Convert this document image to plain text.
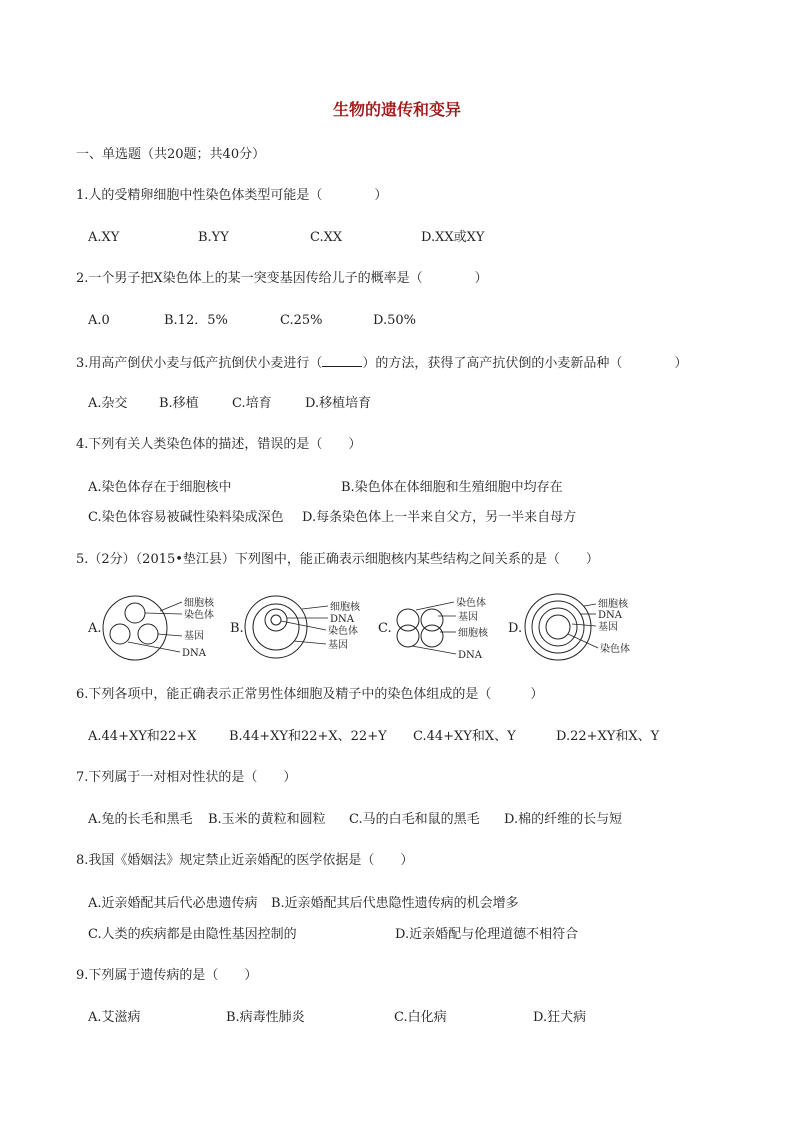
生物的遗传和变异
一、单选题（共20题；共40分）
1.人的受精卵细胞中性染色体类型可能是（　　　　）
A.XY	B.YY	C.XX	D.XX或XY
2.一个男子把X染色体上的某一突变基因传给儿子的概率是（　　　　）
A.0	B.12．5%	C.25%	D.50%
3.用高产倒伏小麦与低产抗倒伏小麦进行（	）的方法，获得了高产抗伏倒的小麦新品种（　　　　）
A.杂交 B.移植	C.培育	D.移植培育
4.下列有关人类染色体的描述，错误的是（　　）
A.染色体存在于细胞核中	B.染色体在体细胞和生殖细胞中均存在
C.染色体容易被碱性染料染成深色 D.每条染色体上一半来自父方，另一半来自母方
5.（2分）（2015•垫江县）下列图中，能正确表示细胞核内某些结构之间关系的是（　　）
A.
细胞核
染色体
基因
DNA
B.
细胞核
DNA
染色体
基因
C.
染色体
基因
细胞核
DNA
D.
细胞核
DNA
基因
染色体
6.下列各项中，能正确表示正常男性体细胞及精子中的染色体组成的是（　　　）
A.44+XY和22+X	B.44+XY和22+X、22+Y C.44+XY和X、Y	D.22+XY和X、Y
7.下列属于一对相对性状的是（　　）
A.兔的长毛和黑毛 B.玉米的黄粒和圆粒 C.马的白毛和鼠的黑毛 D.棉的纤维的长与短
8.我国《婚姻法》规定禁止近亲婚配的医学依据是（　　）
A.近亲婚配其后代必患遗传病 B.近亲婚配其后代患隐性遗传病的机会增多
C.人类的疾病都是由隐性基因控制的	D.近亲婚配与伦理道德不相符合
9.下列属于遗传病的是（　　）
A.艾滋病	B.病毒性肺炎	C.白化病	D.狂犬病
